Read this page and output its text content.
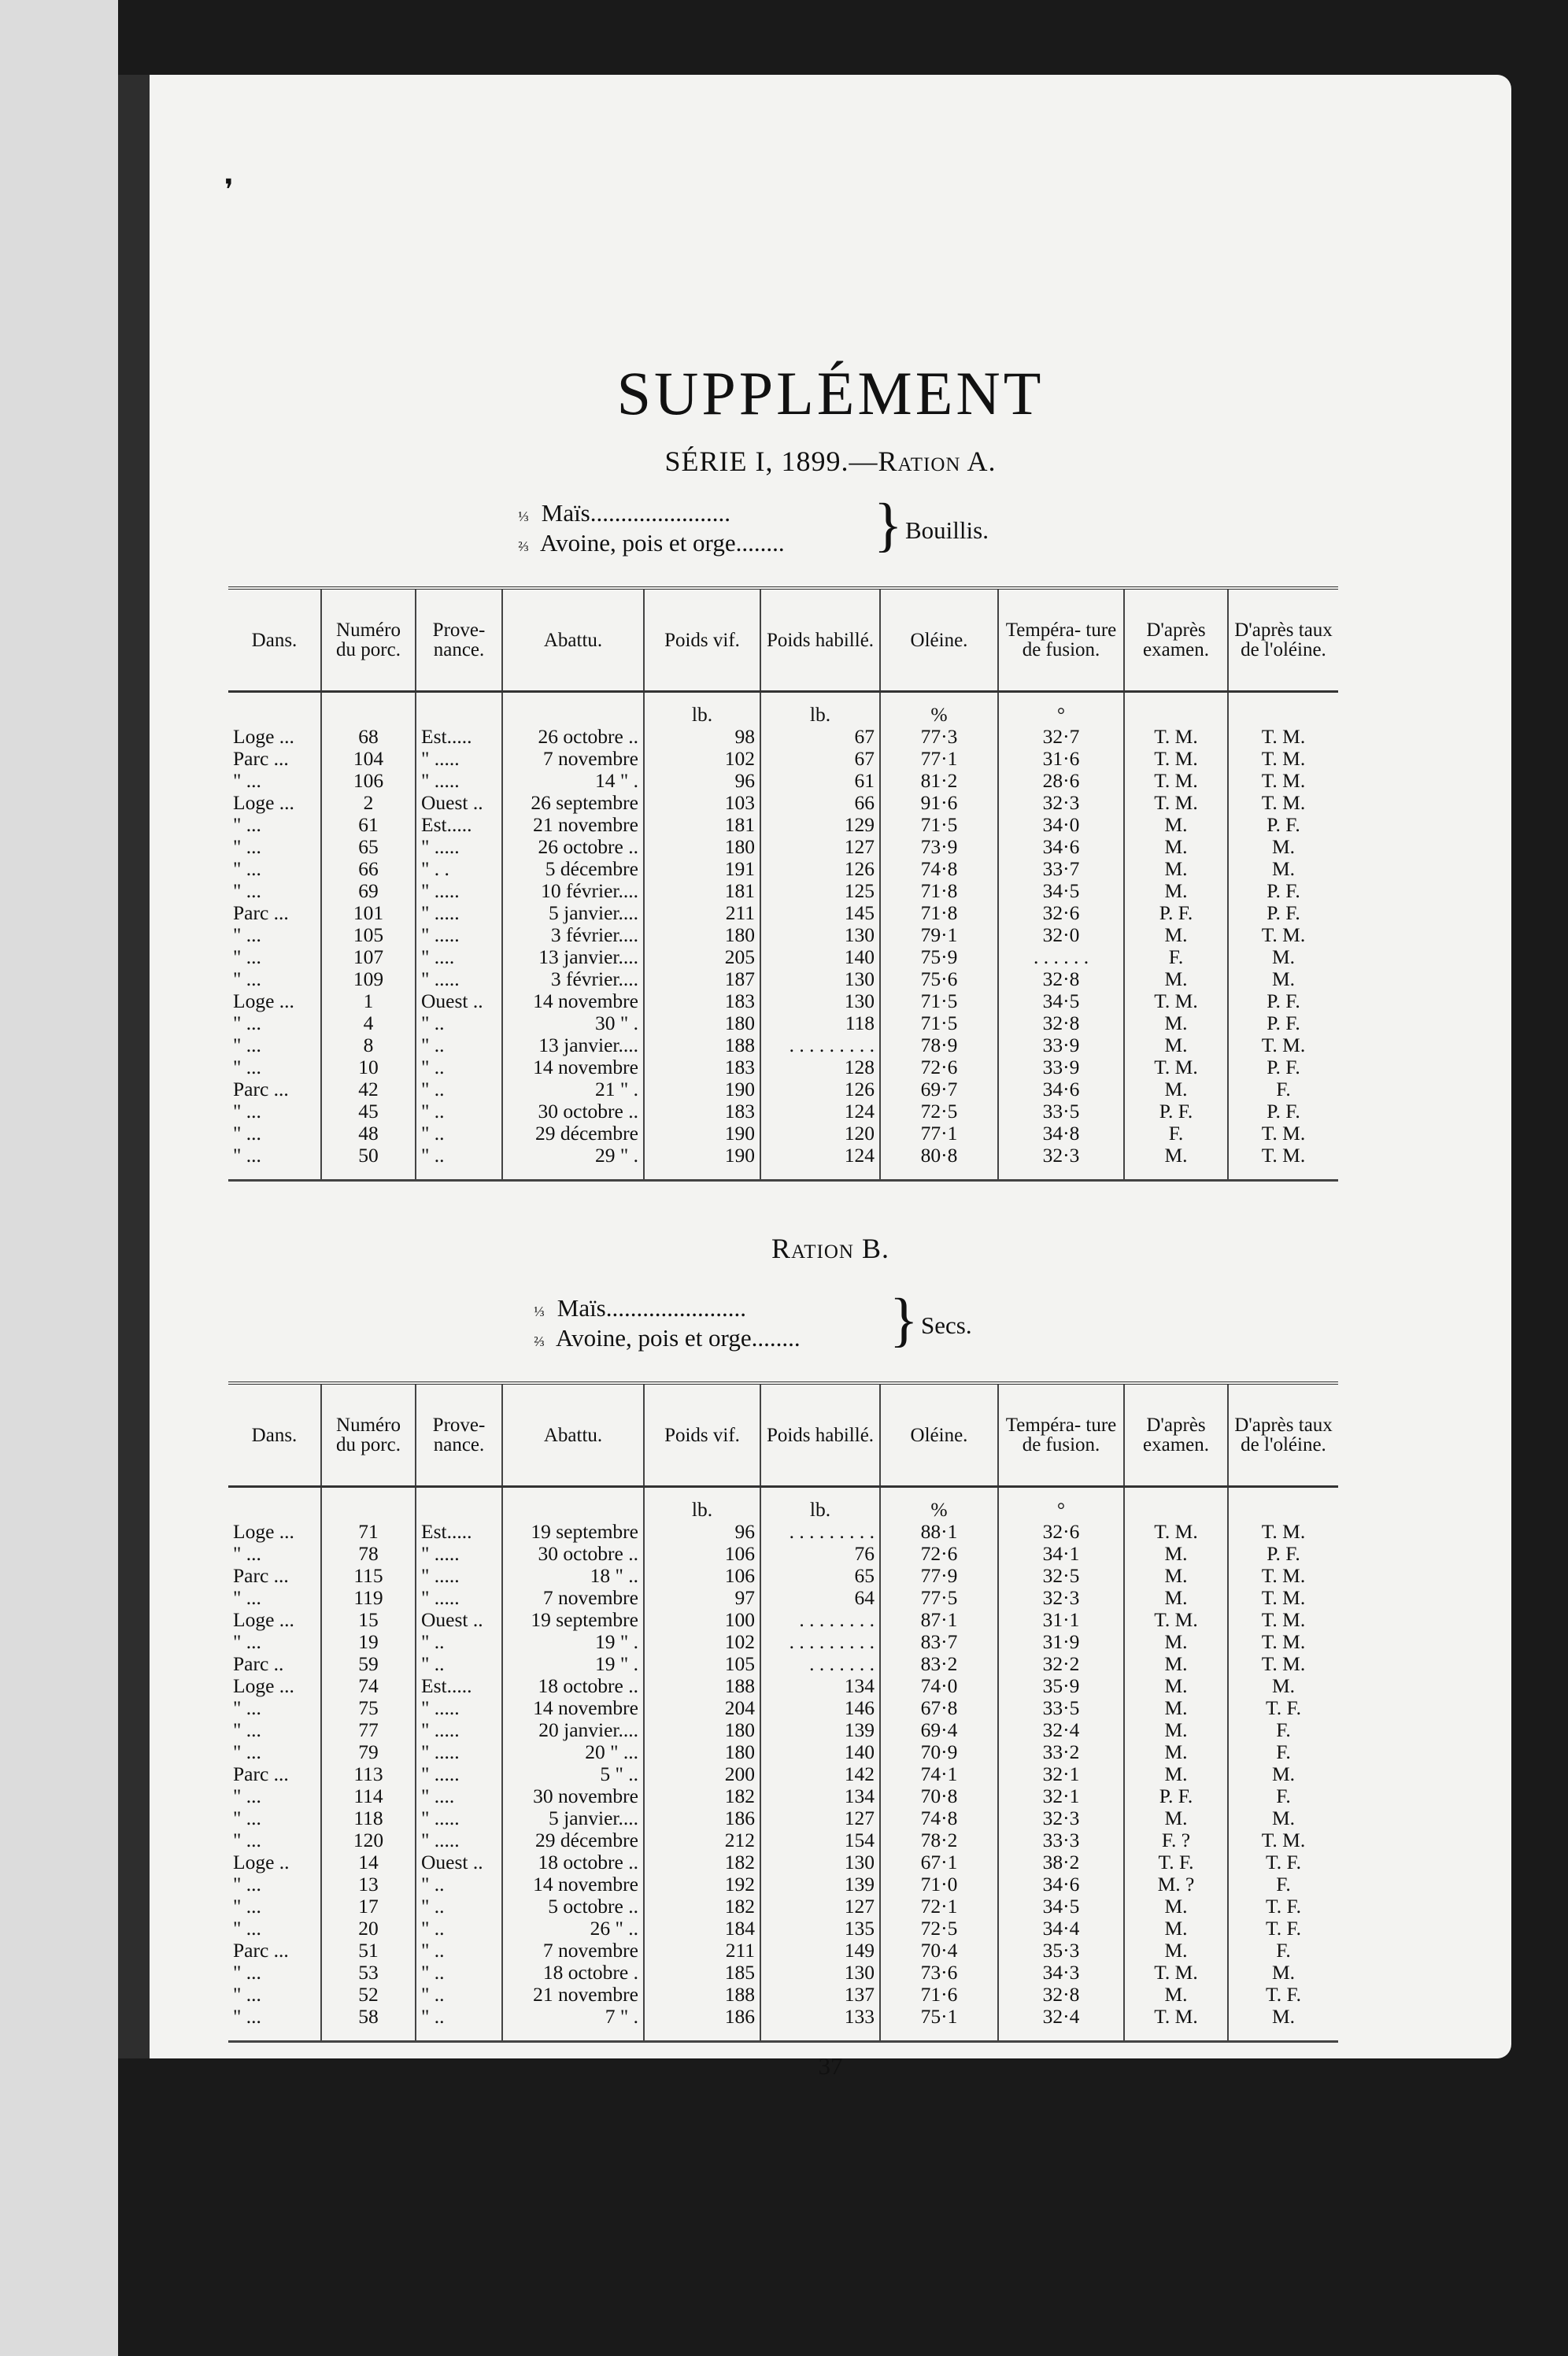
❜
SUPPLÉMENT
SÉRIE I, 1899.—Ration A.
⅓ Maïs.......................
⅔ Avoine, pois et orge........	} Bouillis.
Dans.	Numéro du porc.	Prove- nance.	Abattu.	Poids vif.	Poids habillé.	Oléine.	Tempéra- ture de fusion.	D'après examen.	D'après taux de l'oléine.
				lb.	lb.	%	°		
Loge ...	68	Est.....	26 octobre ..	98	67	77·3	32·7	T. M.	T. M.
Parc ...	104	" .....	7 novembre	102	67	77·1	31·6	T. M.	T. M.
" ...	106	" .....	14 " .	96	61	81·2	28·6	T. M.	T. M.
Loge ...	2	Ouest ..	26 septembre	103	66	91·6	32·3	T. M.	T. M.
" ...	61	Est.....	21 novembre	181	129	71·5	34·0	M.	P. F.
" ...	65	" .....	26 octobre ..	180	127	73·9	34·6	M.	M.
" ...	66	" . .	5 décembre	191	126	74·8	33·7	M.	M.
" ...	69	" .....	10 février....	181	125	71·8	34·5	M.	P. F.
Parc ...	101	" .....	5 janvier....	211	145	71·8	32·6	P. F.	P. F.
" ...	105	" .....	3 février....	180	130	79·1	32·0	M.	T. M.
" ...	107	" ....	13 janvier....	205	140	75·9	. . . . . .	F.	M.
" ...	109	" .....	3 février....	187	130	75·6	32·8	M.	M.
Loge ...	1	Ouest ..	14 novembre	183	130	71·5	34·5	T. M.	P. F.
" ...	4	" ..	30 " .	180	118	71·5	32·8	M.	P. F.
" ...	8	" ..	13 janvier....	188	. . . . . . . . .	78·9	33·9	M.	T. M.
" ...	10	" ..	14 novembre	183	128	72·6	33·9	T. M.	P. F.
Parc ...	42	" ..	21 " .	190	126	69·7	34·6	M.	F.
" ...	45	" ..	30 octobre ..	183	124	72·5	33·5	P. F.	P. F.
" ...	48	" ..	29 décembre	190	120	77·1	34·8	F.	T. M.
" ...	50	" ..	29 " .	190	124	80·8	32·3	M.	T. M.
Ration B.
⅓ Maïs.......................
⅔ Avoine, pois et orge........	} Secs.
Dans.	Numéro du porc.	Prove- nance.	Abattu.	Poids vif.	Poids habillé.	Oléine.	Tempéra- ture de fusion.	D'après examen.	D'après taux de l'oléine.
				lb.	lb.	%	°		
Loge ...	71	Est.....	19 septembre	96	. . . . . . . . .	88·1	32·6	T. M.	T. M.
" ...	78	" .....	30 octobre ..	106	76	72·6	34·1	M.	P. F.
Parc ...	115	" .....	18 " ..	106	65	77·9	32·5	M.	T. M.
" ...	119	" .....	7 novembre	97	64	77·5	32·3	M.	T. M.
Loge ...	15	Ouest ..	19 septembre	100	. . . . . . . .	87·1	31·1	T. M.	T. M.
" ...	19	" ..	19 " .	102	. . . . . . . . .	83·7	31·9	M.	T. M.
Parc ..	59	" ..	19 " .	105	. . . . . . .	83·2	32·2	M.	T. M.
Loge ...	74	Est.....	18 octobre ..	188	134	74·0	35·9	M.	M.
" ...	75	" .....	14 novembre	204	146	67·8	33·5	M.	T. F.
" ...	77	" .....	20 janvier....	180	139	69·4	32·4	M.	F.
" ...	79	" .....	20 " ...	180	140	70·9	33·2	M.	F.
Parc ...	113	" .....	5 " ..	200	142	74·1	32·1	M.	M.
" ...	114	" ....	30 novembre	182	134	70·8	32·1	P. F.	F.
" ...	118	" .....	5 janvier....	186	127	74·8	32·3	M.	M.
" ...	120	" .....	29 décembre	212	154	78·2	33·3	F. ?	T. M.
Loge ..	14	Ouest ..	18 octobre ..	182	130	67·1	38·2	T. F.	T. F.
" ...	13	" ..	14 novembre	192	139	71·0	34·6	M. ?	F.
" ...	17	" ..	5 octobre ..	182	127	72·1	34·5	M.	T. F.
" ...	20	" ..	26 " ..	184	135	72·5	34·4	M.	T. F.
Parc ...	51	" ..	7 novembre	211	149	70·4	35·3	M.	F.
" ...	53	" ..	18 octobre .	185	130	73·6	34·3	T. M.	M.
" ...	52	" ..	21 novembre	188	137	71·6	32·8	M.	T. F.
" ...	58	" ..	7 " .	186	133	75·1	32·4	T. M.	M.
37
